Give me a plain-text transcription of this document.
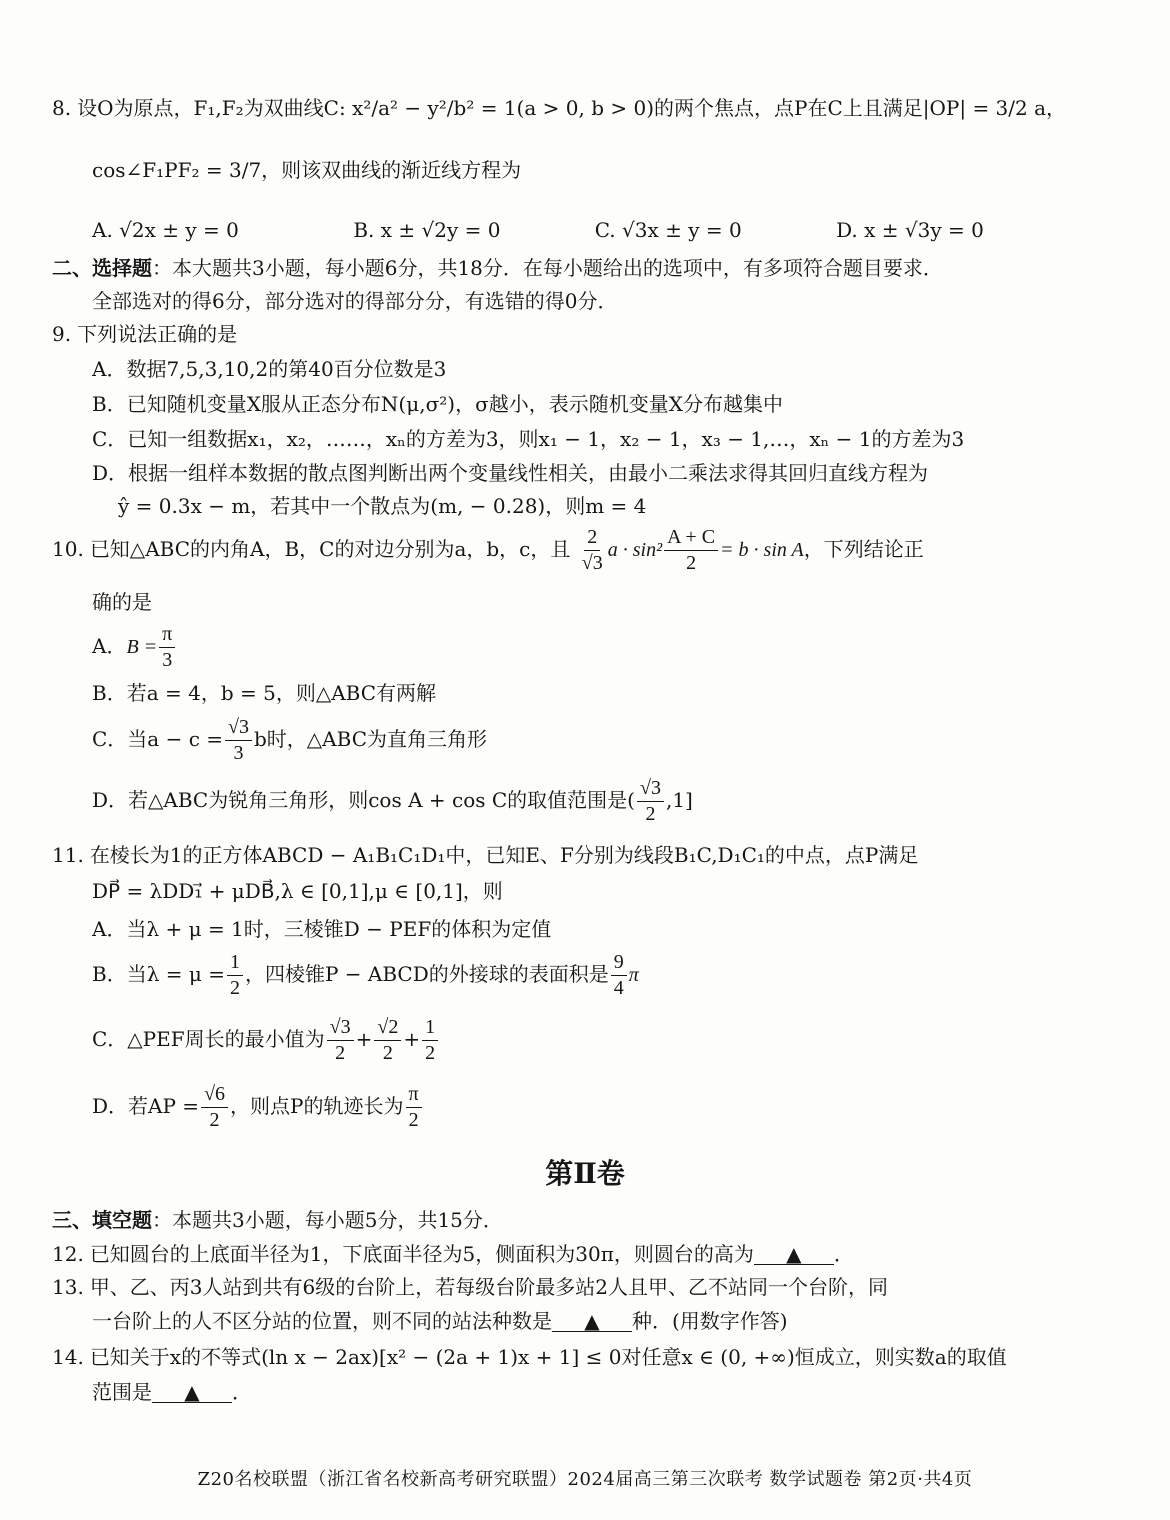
8. 设O为原点，F₁,F₂为双曲线C: x²/a² − y²/b² = 1(a > 0, b > 0)的两个焦点，点P在C上且满足|OP| = 3/2 a，
cos∠F₁PF₂ = 3/7，则该双曲线的渐近线方程为
A. √2x ± y = 0	B. x ± √2y = 0	C. √3x ± y = 0	D. x ± √3y = 0
二、选择题：本大题共3小题，每小题6分，共18分．在每小题给出的选项中，有多项符合题目要求．
全部选对的得6分，部分选对的得部分分，有选错的得0分．
9. 下列说法正确的是
A．数据7,5,3,10,2的第40百分位数是3
B．已知随机变量X服从正态分布N(μ,σ²)，σ越小，表示随机变量X分布越集中
C．已知一组数据x₁，x₂，……，xₙ的方差为3，则x₁ − 1，x₂ − 1，x₃ − 1,…，xₙ − 1的方差为3
D．根据一组样本数据的散点图判断出两个变量线性相关，由最小二乘法求得其回归直线方程为
ŷ = 0.3x − m，若其中一个散点为(m, − 0.28)，则m = 4
10. 已知△ABC的内角A，B，C的对边分别为a，b，c，且 $\frac{2}{√3}$ $a \cdot \sin^2 \frac{A + C}{2} = b \cdot \sin A$，下列结论正
确的是
A．$B = \frac{\pi}{3}$
B．若a = 4，b = 5，则△ABC有两解
C．当$a - c = \frac{√3}{3}$ b时，△ABC为直角三角形
D．若△ABC为锐角三角形，则cos A + cos C的取值范围是( $\frac{√3}{2} ,1$]
11. 在棱长为1的正方体ABCD − A₁B₁C₁D₁中，已知E、F分别为线段B₁C,D₁C₁的中点，点P满足
DP⃗ = λDD₁⃗ + μDB⃗,λ ∈ [0,1],μ ∈ [0,1]，则
A．当λ + μ = 1时，三棱锥D − PEF的体积为定值
B．当$\lambda = \mu = \frac{1}{2}$ ，四棱锥P − ABCD的外接球的表面积是 $\frac{9}{4}$ π
C．△PEF周长的最小值为 $\frac{√3}{2} + \frac{√2}{2} + \frac{1}{2}$
D．若AP = $\frac{√6}{2}$ ，则点P的轨迹长为 $\frac{\pi}{2}$
第Ⅱ卷
三、填空题：本题共3小题，每小题5分，共15分．
12. 已知圆台的上底面半径为1，下底面半径为5，侧面积为30π，则圆台的高为 ▲ ．
13. 甲、乙、丙3人站到共有6级的台阶上，若每级台阶最多站2人且甲、乙不站同一个台阶，同
一台阶上的人不区分站的位置，则不同的站法种数是 ▲ 种．(用数字作答)
14. 已知关于x的不等式(ln x − 2ax)[x² − (2a + 1)x + 1] ≤ 0对任意x ∈ (0, +∞)恒成立，则实数a的取值
范围是 ▲ ．
Z20名校联盟（浙江省名校新高考研究联盟）2024届高三第三次联考 数学试题卷 第2页·共4页
